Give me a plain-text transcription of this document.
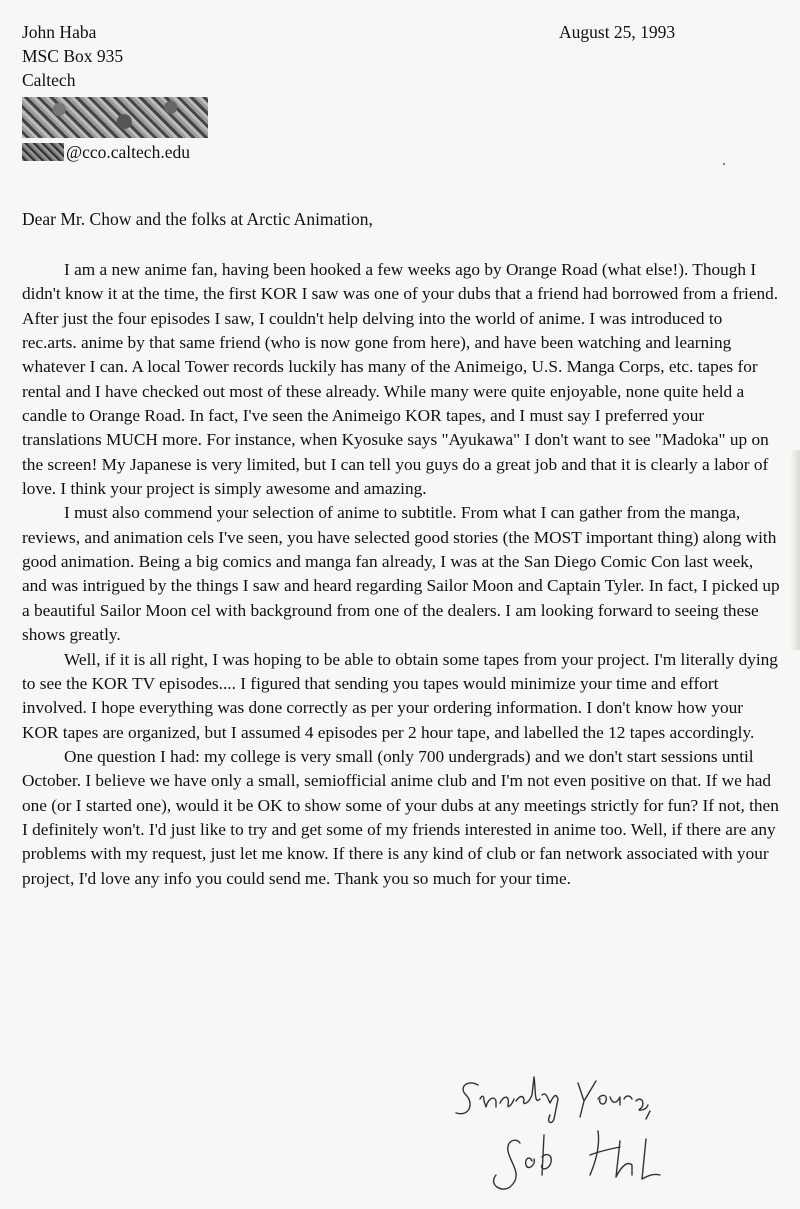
John Haba
MSC Box 935
Caltech
August 25, 1993
@cco.caltech.edu
Dear Mr. Chow and the folks at Arctic Animation,

I am a new anime fan, having been hooked a few weeks ago by Orange Road (what else!). Though I didn't know it at the time, the first KOR I saw was one of your dubs that a friend had borrowed from a friend. After just the four episodes I saw, I couldn't help delving into the world of anime. I was introduced to rec.arts. anime by that same friend (who is now gone from here), and have been watching and learning whatever I can. A local Tower records luckily has many of the Animeigo, U.S. Manga Corps, etc. tapes for rental and I have checked out most of these already. While many were quite enjoyable, none quite held a candle to Orange Road. In fact, I've seen the Animeigo KOR tapes, and I must say I preferred your translations MUCH more. For instance, when Kyosuke says "Ayukawa" I don't want to see "Madoka" up on the screen! My Japanese is very limited, but I can tell you guys do a great job and that it is clearly a labor of love. I think your project is simply awesome and amazing.

I must also commend your selection of anime to subtitle. From what I can gather from the manga, reviews, and animation cels I've seen, you have selected good stories (the MOST important thing) along with good animation. Being a big comics and manga fan already, I was at the San Diego Comic Con last week, and was intrigued by the things I saw and heard regarding Sailor Moon and Captain Tyler. In fact, I picked up a beautiful Sailor Moon cel with background from one of the dealers. I am looking forward to seeing these shows greatly.

Well, if it is all right, I was hoping to be able to obtain some tapes from your project. I'm literally dying to see the KOR TV episodes.... I figured that sending you tapes would minimize your time and effort involved. I hope everything was done correctly as per your ordering information. I don't know how your KOR tapes are organized, but I assumed 4 episodes per 2 hour tape, and labelled the 12 tapes accordingly.

One question I had: my college is very small (only 700 undergrads) and we don't start sessions until October. I believe we have only a small, semiofficial anime club and I'm not even positive on that. If we had one (or I started one), would it be OK to show some of your dubs at any meetings strictly for fun? If not, then I definitely won't. I'd just like to try and get some of my friends interested in anime too. Well, if there are any problems with my request, just let me know. If there is any kind of club or fan network associated with your project, I'd love any info you could send me. Thank you so much for your time.
